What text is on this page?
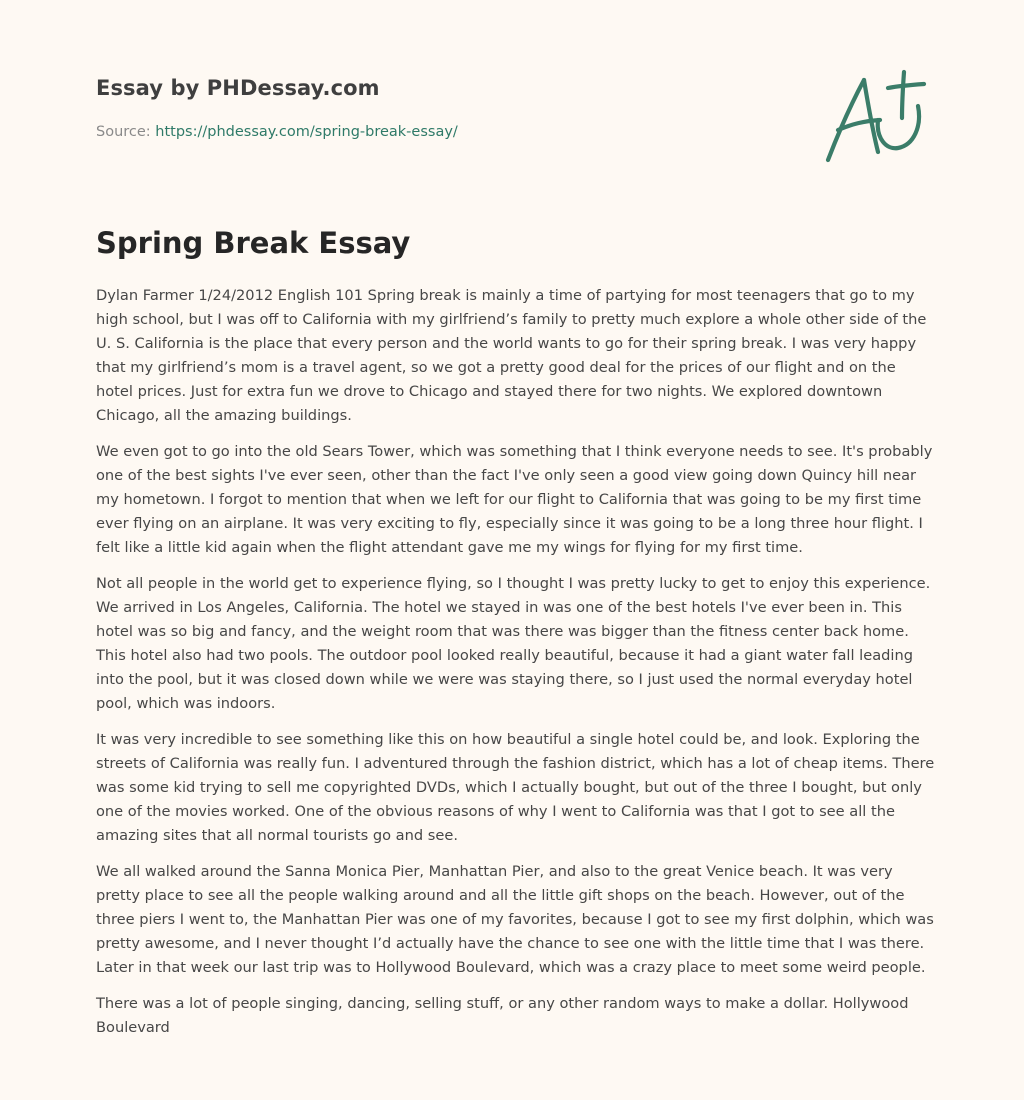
Essay by PHDessay.com
Source: https://phdessay.com/spring-break-essay/
Spring Break Essay

Dylan Farmer 1/24/2012 English 101 Spring break is mainly a time of partying for most teenagers that go to my high school, but I was off to California with my girlfriend’s family to pretty much explore a whole other side of the U. S. California is the place that every person and the world wants to go for their spring break. I was very happy that my girlfriend’s mom is a travel agent, so we got a pretty good deal for the prices of our flight and on the hotel prices. Just for extra fun we drove to Chicago and stayed there for two nights. We explored downtown Chicago, all the amazing buildings.

We even got to go into the old Sears Tower, which was something that I think everyone needs to see. It's probably one of the best sights I've ever seen, other than the fact I've only seen a good view going down Quincy hill near my hometown. I forgot to mention that when we left for our flight to California that was going to be my first time ever flying on an airplane. It was very exciting to fly, especially since it was going to be a long three hour flight. I felt like a little kid again when the flight attendant gave me my wings for flying for my first time.

Not all people in the world get to experience flying, so I thought I was pretty lucky to get to enjoy this experience. We arrived in Los Angeles, California. The hotel we stayed in was one of the best hotels I've ever been in. This hotel was so big and fancy, and the weight room that was there was bigger than the fitness center back home. This hotel also had two pools. The outdoor pool looked really beautiful, because it had a giant water fall leading into the pool, but it was closed down while we were was staying there, so I just used the normal everyday hotel pool, which was indoors.

It was very incredible to see something like this on how beautiful a single hotel could be, and look. Exploring the streets of California was really fun. I adventured through the fashion district, which has a lot of cheap items. There was some kid trying to sell me copyrighted DVDs, which I actually bought, but out of the three I bought, but only one of the movies worked. One of the obvious reasons of why I went to California was that I got to see all the amazing sites that all normal tourists go and see.

We all walked around the Sanna Monica Pier, Manhattan Pier, and also to the great Venice beach. It was very pretty place to see all the people walking around and all the little gift shops on the beach. However, out of the three piers I went to, the Manhattan Pier was one of my favorites, because I got to see my first dolphin, which was pretty awesome, and I never thought I’d actually have the chance to see one with the little time that I was there. Later in that week our last trip was to Hollywood Boulevard, which was a crazy place to meet some weird people.

There was a lot of people singing, dancing, selling stuff, or any other random ways to make a dollar. Hollywood Boulevard
